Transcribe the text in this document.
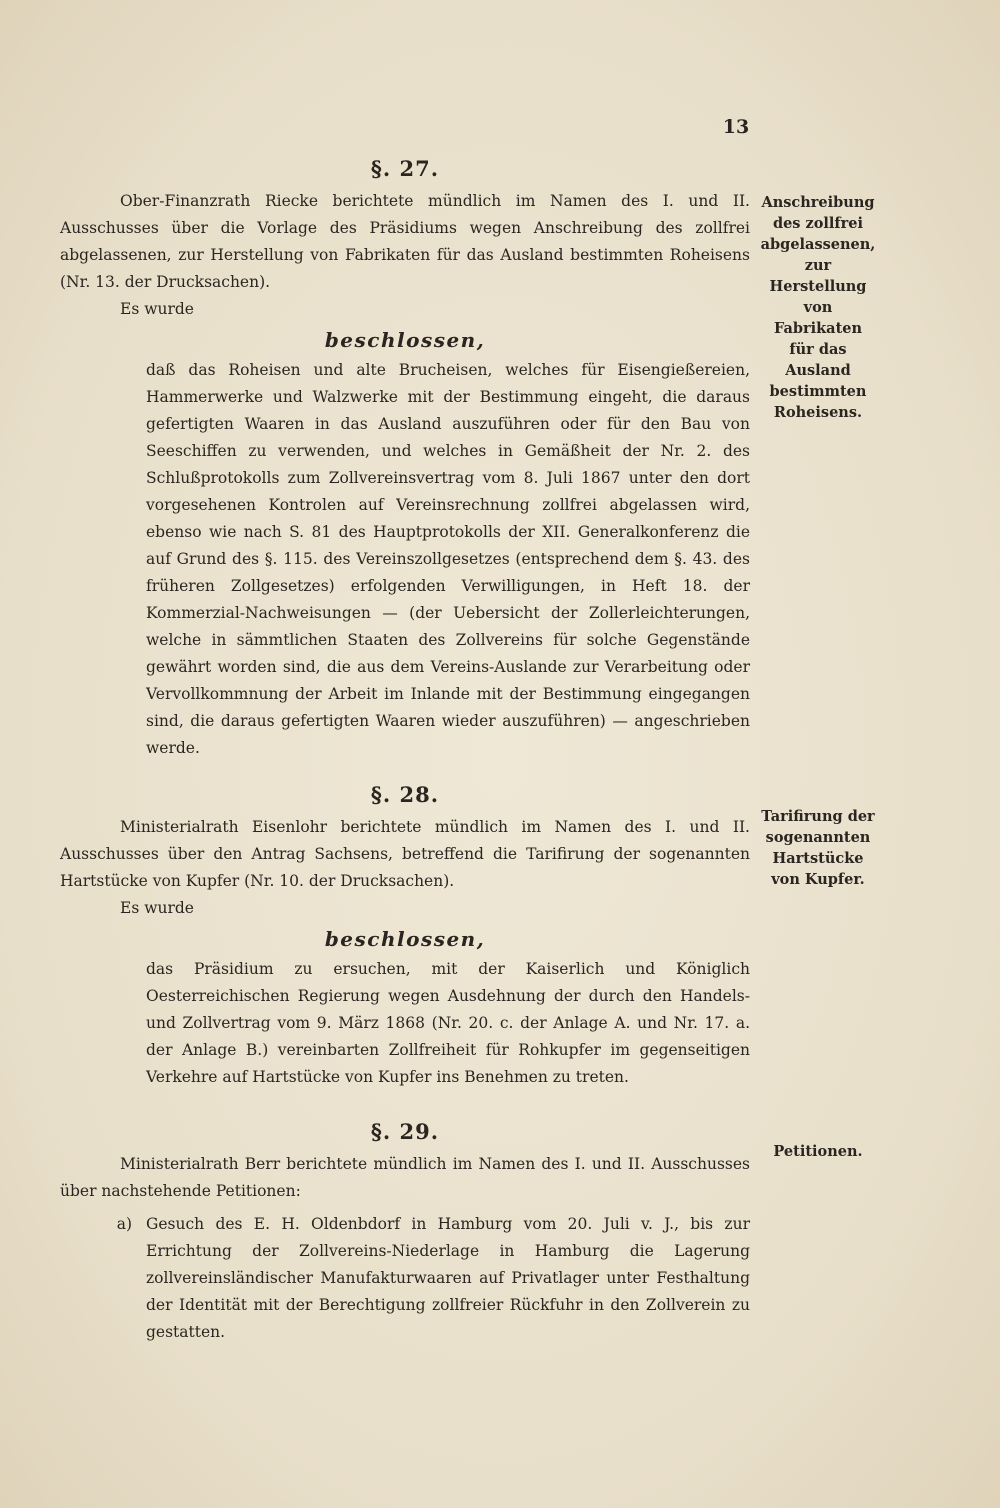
13
§. 27.

Ober-Finanzrath Riecke berichtete mündlich im Namen des I. und II. Ausschusses über die Vorlage des Präsidiums wegen Anschreibung des zollfrei abgelassenen, zur Herstellung von Fabrikaten für das Ausland bestimmten Roheisens (Nr. 13. der Drucksachen).

Es wurde

beschlossen,

daß das Roheisen und alte Brucheisen, welches für Eisengießereien, Hammerwerke und Walzwerke mit der Bestimmung eingeht, die daraus gefertigten Waaren in das Ausland auszuführen oder für den Bau von Seeschiffen zu verwenden, und welches in Gemäßheit der Nr. 2. des Schlußprotokolls zum Zollvereinsvertrag vom 8. Juli 1867 unter den dort vorgesehenen Kontrolen auf Vereinsrechnung zollfrei abgelassen wird, ebenso wie nach S. 81 des Hauptprotokolls der XII. Generalkonferenz die auf Grund des §. 115. des Vereinszollgesetzes (entsprechend dem §. 43. des früheren Zollgesetzes) erfolgenden Verwilligungen, in Heft 18. der Kommerzial-Nachweisungen — (der Uebersicht der Zollerleichterungen, welche in sämmtlichen Staaten des Zollvereins für solche Gegenstände gewährt worden sind, die aus dem Vereins-Auslande zur Verarbeitung oder Vervollkommnung der Arbeit im Inlande mit der Bestimmung eingegangen sind, die daraus gefertigten Waaren wieder auszuführen) — angeschrieben werde.

§. 28.

Ministerialrath Eisenlohr berichtete mündlich im Namen des I. und II. Ausschusses über den Antrag Sachsens, betreffend die Tarifirung der sogenannten Hartstücke von Kupfer (Nr. 10. der Drucksachen).

Es wurde

beschlossen,

das Präsidium zu ersuchen, mit der Kaiserlich und Königlich Oesterreichischen Regierung wegen Ausdehnung der durch den Handels- und Zollvertrag vom 9. März 1868 (Nr. 20. c. der Anlage A. und Nr. 17. a. der Anlage B.) vereinbarten Zollfreiheit für Rohkupfer im gegenseitigen Verkehre auf Hartstücke von Kupfer ins Benehmen zu treten.

§. 29.

Ministerialrath Berr berichtete mündlich im Namen des I. und II. Ausschusses über nachstehende Petitionen:

a) Gesuch des E. H. Oldenbdorf in Hamburg vom 20. Juli v. J., bis zur Errichtung der Zollvereins-Niederlage in Hamburg die Lagerung zollvereinsländischer Manufakturwaaren auf Privatlager unter Festhaltung der Identität mit der Berechtigung zollfreier Rückfuhr in den Zollverein zu gestatten.

Anschreibung des zollfrei abgelassenen, zur Herstellung von Fabrikaten für das Ausland bestimmten Roheisens.
Tarifirung der sogenannten Hartstücke von Kupfer.
Petitionen.
